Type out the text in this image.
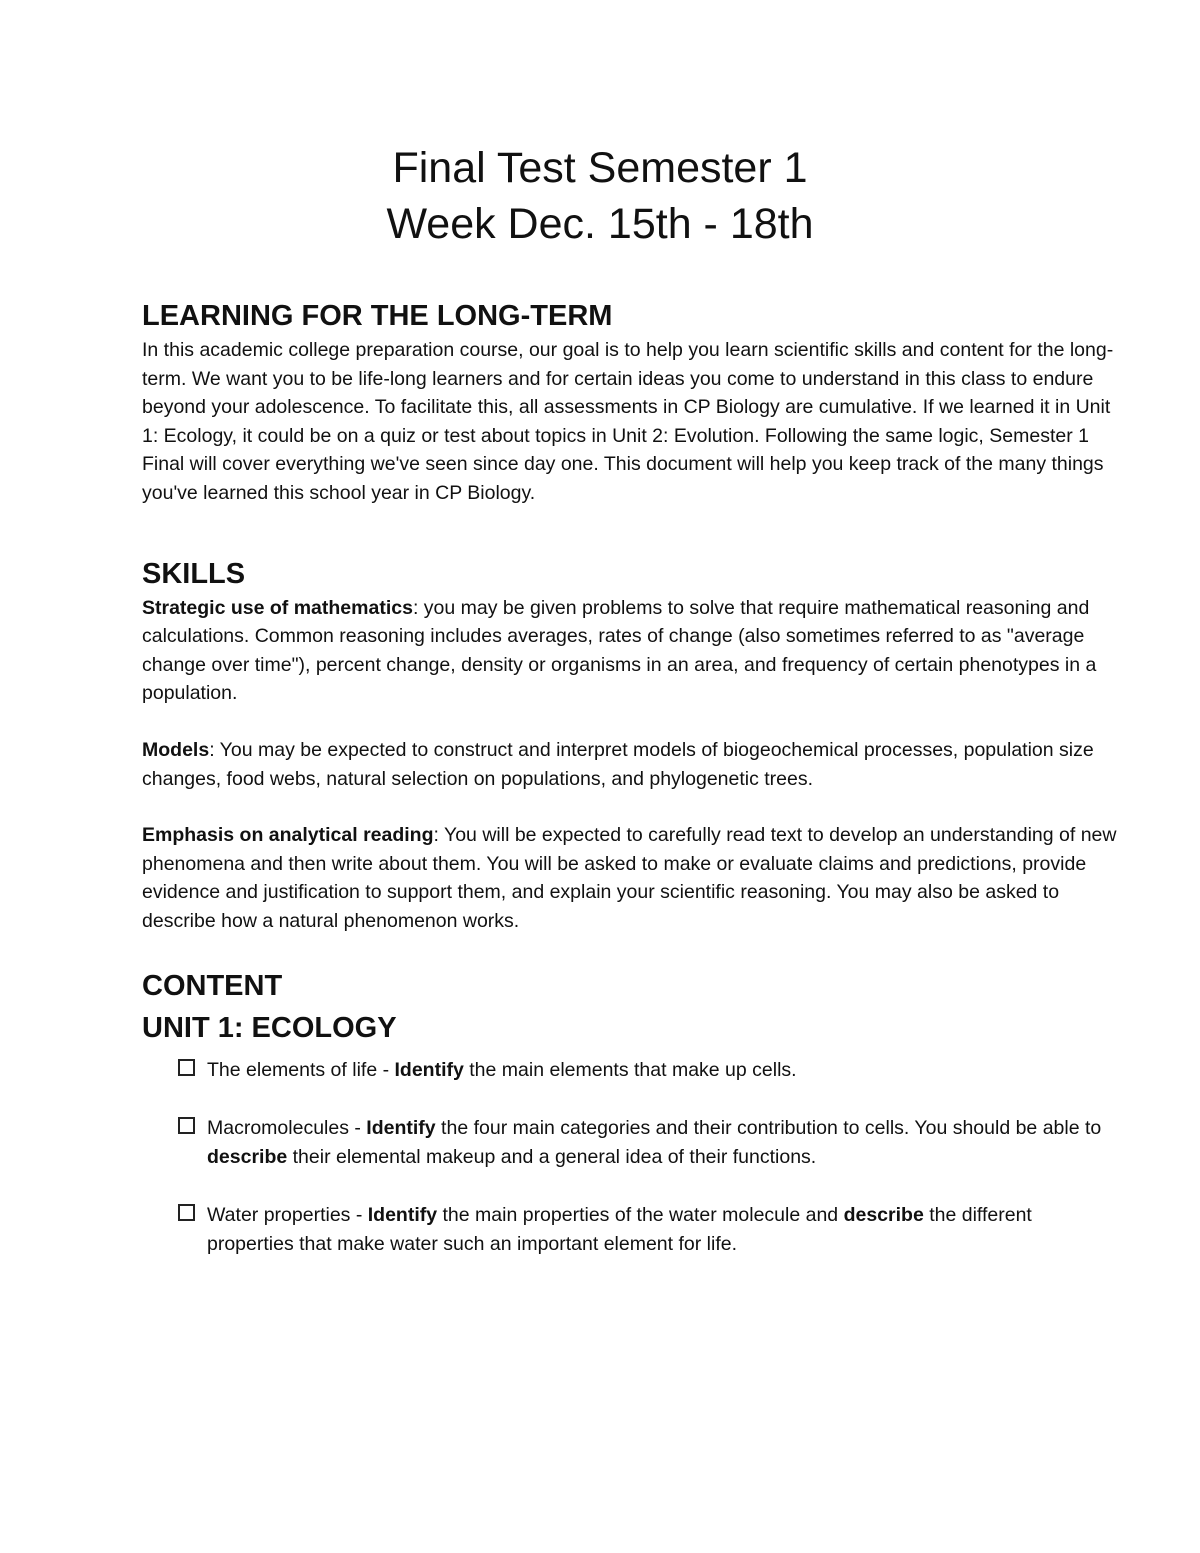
Final Test Semester 1
Week Dec. 15th - 18th
LEARNING FOR THE LONG-TERM

In this academic college preparation course, our goal is to help you learn scientific skills and content for the long-term. We want you to be life-long learners and for certain ideas you come to understand in this class to endure beyond your adolescence. To facilitate this, all assessments in CP Biology are cumulative. If we learned it in Unit 1: Ecology, it could be on a quiz or test about topics in Unit 2: Evolution. Following the same logic, Semester 1 Final will cover everything we've seen since day one. This document will help you keep track of the many things you've learned this school year in CP Biology.

SKILLS

Strategic use of mathematics: you may be given problems to solve that require mathematical reasoning and calculations. Common reasoning includes averages, rates of change (also sometimes referred to as "average change over time"), percent change, density or organisms in an area, and frequency of certain phenotypes in a population.

Models: You may be expected to construct and interpret models of biogeochemical processes, population size changes, food webs, natural selection on populations, and phylogenetic trees.

Emphasis on analytical reading: You will be expected to carefully read text to develop an understanding of new phenomena and then write about them. You will be asked to make or evaluate claims and predictions, provide evidence and justification to support them, and explain your scientific reasoning. You may also be asked to describe how a natural phenomenon works.

CONTENT
UNIT 1: ECOLOGY
The elements of life - Identify the main elements that make up cells.
Macromolecules - Identify the four main categories and their contribution to cells. You should be able to describe their elemental makeup and a general idea of their functions.
Water properties - Identify the main properties of the water molecule and describe the different properties that make water such an important element for life.
